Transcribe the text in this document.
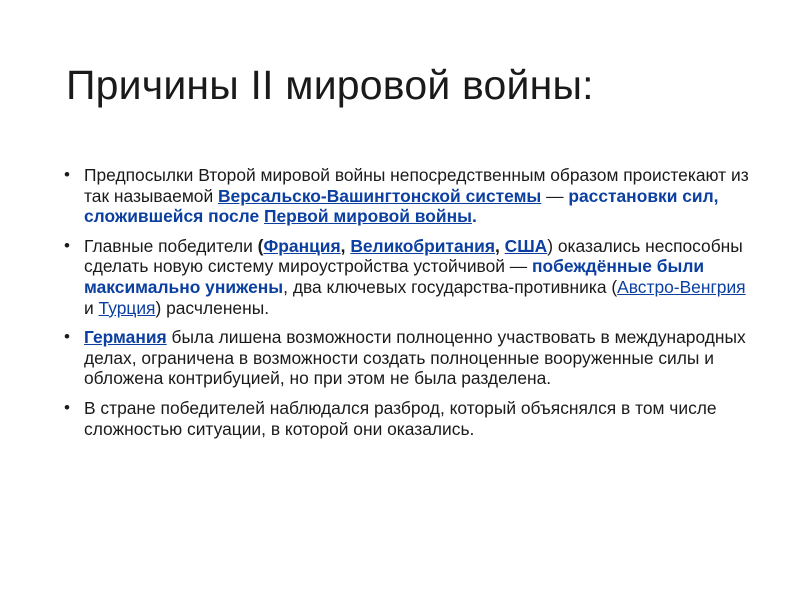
Причины II мировой войны:
• Предпосылки Второй мировой войны непосредственным образом проистекают из так называемой Версальско-Вашингтонской системы — расстановки сил, сложившейся после Первой мировой войны.
• Главные победители (Франция, Великобритания, США) оказались неспособны сделать новую систему мироустройства устойчивой — побеждённые были максимально унижены, два ключевых государства-противника (Австро-Венгрия и Турция) расчленены.
• Германия была лишена возможности полноценно участвовать в международных делах, ограничена в возможности создать полноценные вооруженные силы и обложена контрибуцией, но при этом не была разделена.
• В стране победителей наблюдался разброд, который объяснялся в том числе сложностью ситуации, в которой они оказались.
